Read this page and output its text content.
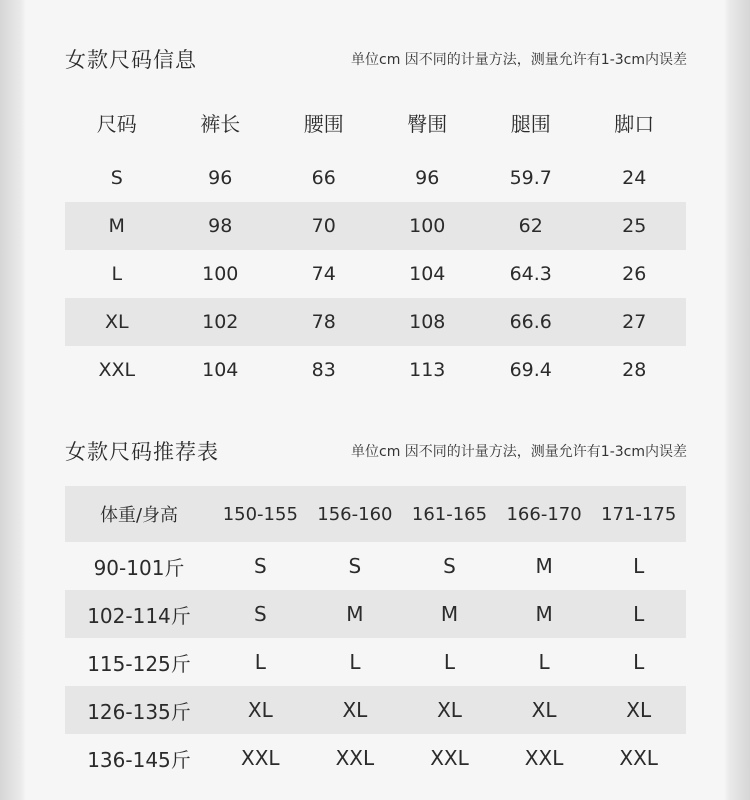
女款尺码信息	单位cm 因不同的计量方法，测量允许有1-3cm内误差
尺码	裤长	腰围	臀围	腿围	脚口
S	96	66	96	59.7	24
M	98	70	100	62	25
L	100	74	104	64.3	26
XL	102	78	108	66.6	27
XXL	104	83	113	69.4	28
女款尺码推荐表	单位cm 因不同的计量方法，测量允许有1-3cm内误差
体重/身高	150-155	156-160	161-165	166-170	171-175
90-101斤	S	S	S	M	L
102-114斤	S	M	M	M	L
115-125斤	L	L	L	L	L
126-135斤	XL	XL	XL	XL	XL
136-145斤	XXL	XXL	XXL	XXL	XXL
